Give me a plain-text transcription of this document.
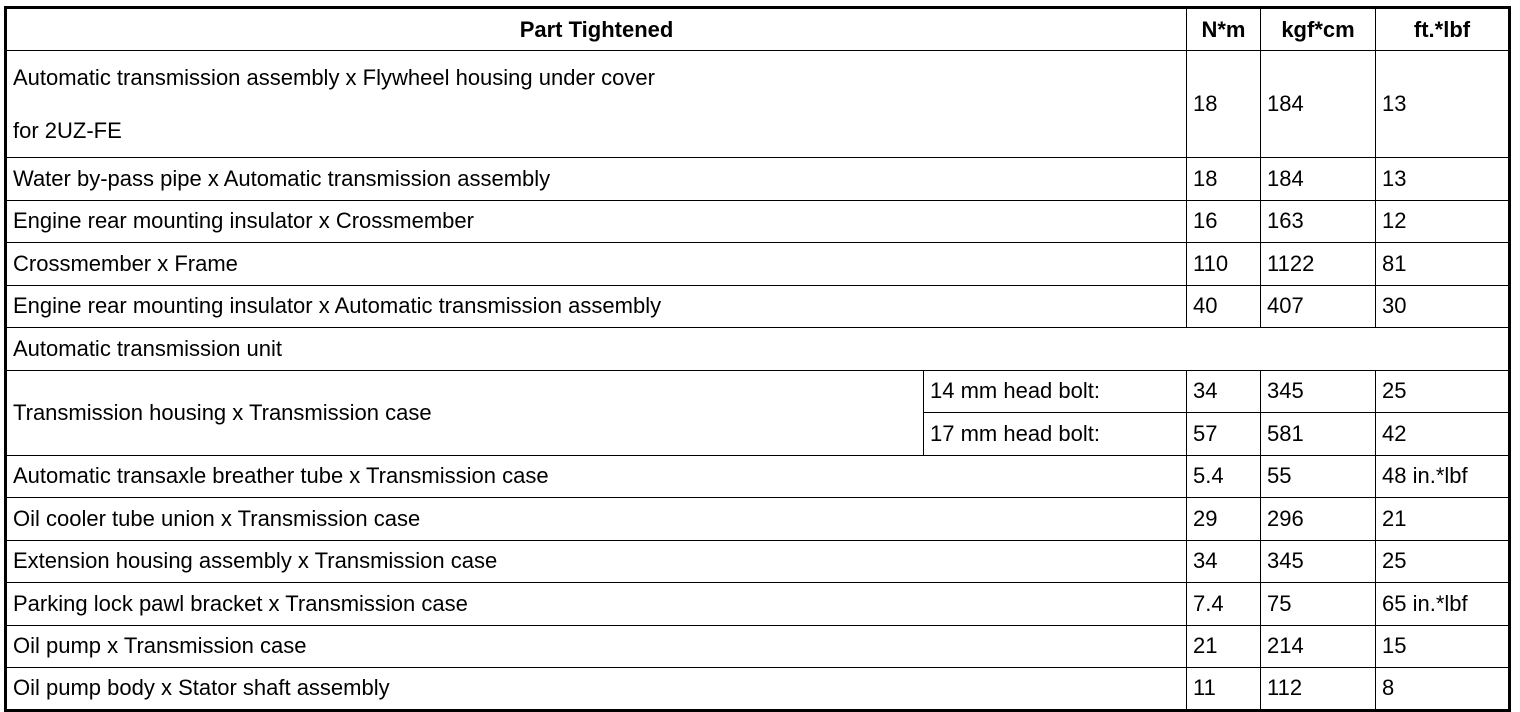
Part Tightened		N*m	kgf*cm	ft.*lbf

Automatic transmission assembly x Flywheel housing under cover
for 2UZ-FE		18	184	13
Water by-pass pipe x Automatic transmission assembly		18	184	13
Engine rear mounting insulator x Crossmember		16	163	12
Crossmember x Frame		110	1122	81
Engine rear mounting insulator x Automatic transmission assembly		40	407	30
Automatic transmission unit				
Transmission housing x Transmission case	14 mm head bolt:	34	345	25
	17 mm head bolt:	57	581	42
Automatic transaxle breather tube x Transmission case		5.4	55	48 in.*lbf
Oil cooler tube union x Transmission case		29	296	21
Extension housing assembly x Transmission case		34	345	25
Parking lock pawl bracket x Transmission case		7.4	75	65 in.*lbf
Oil pump x Transmission case		21	214	15
Oil pump body x Stator shaft assembly		11	112	8
